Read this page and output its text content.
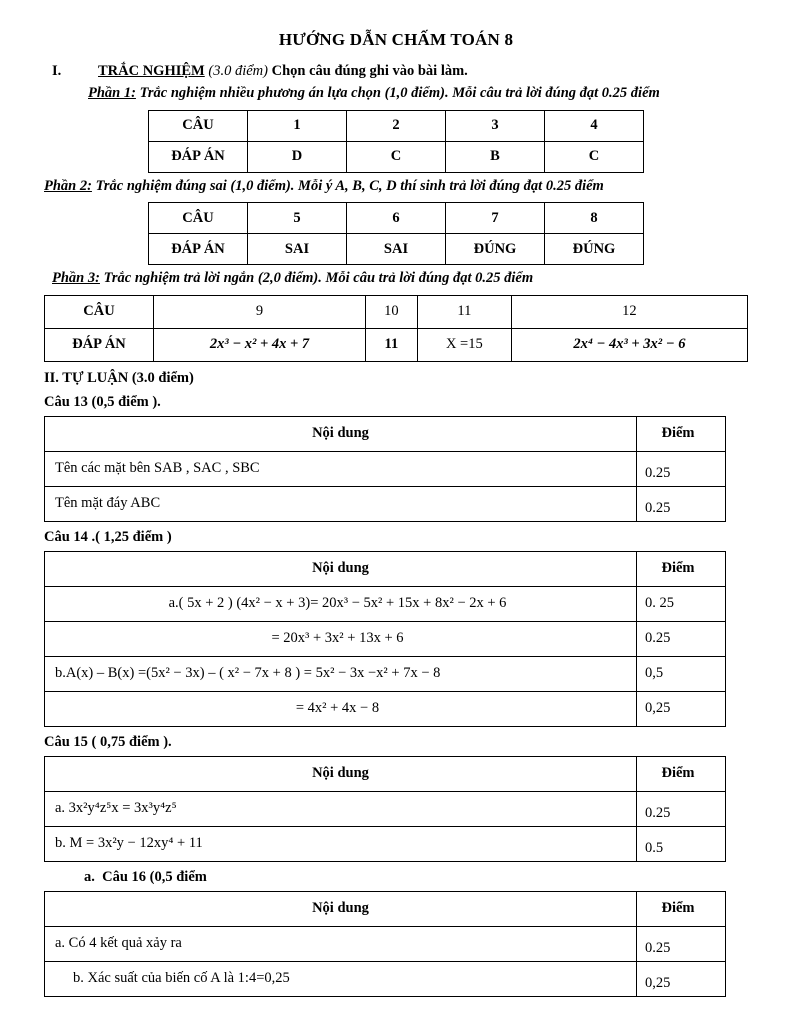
HƯỚNG DẪN CHẤM TOÁN 8
I.	TRẮC NGHIỆM (3.0 điểm) Chọn câu đúng ghi vào bài làm.
Phần 1: Trắc nghiệm nhiều phương án lựa chọn (1,0 điểm). Mỗi câu trả lời đúng đạt 0.25 điểm
CÂU	1	2	3	4
ĐÁP ÁN	D	C	B	C
Phần 2: Trắc nghiệm đúng sai (1,0 điểm). Mỗi ý A, B, C, D thí sinh trả lời đúng đạt 0.25 điểm
CÂU	5	6	7	8
ĐÁP ÁN	SAI	SAI	ĐÚNG	ĐÚNG
Phần 3: Trắc nghiệm trả lời ngắn (2,0 điểm). Mỗi câu trả lời đúng đạt 0.25 điểm
CÂU	9	10	11	12
ĐÁP ÁN	2x³ − x² + 4x + 7	11	X =15	2x⁴ − 4x³ + 3x² − 6
II. TỰ LUẬN (3.0 điểm)
Câu 13 (0,5 điểm ).
Nội dung	Điểm
Tên các mặt bên SAB , SAC , SBC	0.25
Tên mặt đáy ABC	0.25
Câu 14 .( 1,25 điểm )
Nội dung	Điểm
a.( 5x + 2 ) (4x² − x + 3)= 20x³ − 5x² + 15x + 8x² − 2x + 6	0. 25
= 20x³ + 3x² + 13x + 6	0.25
b.A(x) – B(x) =(5x² − 3x) – ( x² − 7x + 8 ) = 5x² − 3x −x² + 7x − 8	0,5
= 4x² + 4x − 8	0,25
Câu 15 ( 0,75 điểm ).
Nội dung	Điểm
a. 3x²y⁴z⁵x = 3x³y⁴z⁵	0.25
b. M = 3x²y − 12xy⁴ + 11	0.5
a. Câu 16 (0,5 điểm
Nội dung	Điểm
a. Có 4 kết quả xảy ra	0.25
b. Xác suất của biến cố A là 1:4=0,25	0,25
